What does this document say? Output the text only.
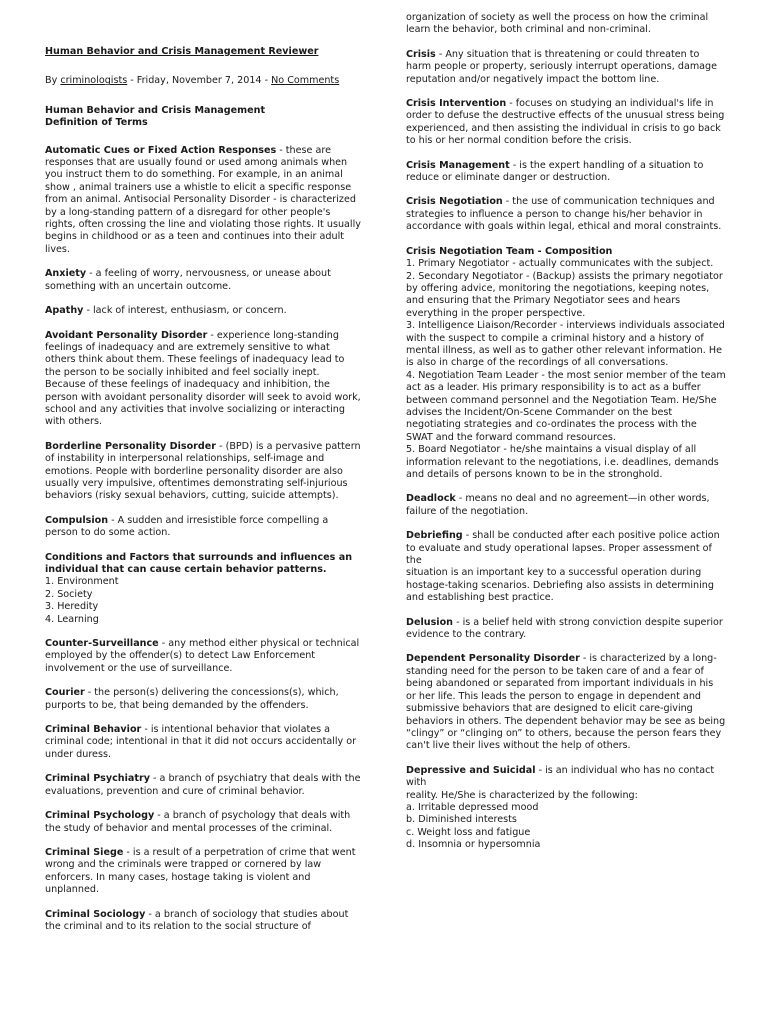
Human Behavior and Crisis Management Reviewer

By criminologists - Friday, November 7, 2014 - No Comments

Human Behavior and Crisis Management

Definition of Terms

Automatic Cues or Fixed Action Responses - these are responses that are usually found or used among animals when you instruct them to do something. For example, in an animal show , animal trainers use a whistle to elicit a specific response from an animal. Antisocial Personality Disorder - is characterized by a long-standing pattern of a disregard for other people's rights, often crossing the line and violating those rights. It usually begins in childhood or as a teen and continues into their adult lives.

Anxiety - a feeling of worry, nervousness, or unease about something with an uncertain outcome.

Apathy - lack of interest, enthusiasm, or concern.

Avoidant Personality Disorder - experience long-standing feelings of inadequacy and are extremely sensitive to what others think about them. These feelings of inadequacy lead to the person to be socially inhibited and feel socially inept. Because of these feelings of inadequacy and inhibition, the person with avoidant personality disorder will seek to avoid work, school and any activities that involve socializing or interacting with others.

Borderline Personality Disorder - (BPD) is a pervasive pattern of instability in interpersonal relationships, self-image and emotions. People with borderline personality disorder are also usually very impulsive, oftentimes demonstrating self-injurious behaviors (risky sexual behaviors, cutting, suicide attempts).

Compulsion - A sudden and irresistible force compelling a person to do some action.

Conditions and Factors that surrounds and influences an individual that can cause certain behavior patterns.
1. Environment
2. Society
3. Heredity
4. Learning

Counter-Surveillance - any method either physical or technical employed by the offender(s) to detect Law Enforcement involvement or the use of surveillance.

Courier - the person(s) delivering the concessions(s), which, purports to be, that being demanded by the offenders.

Criminal Behavior - is intentional behavior that violates a criminal code; intentional in that it did not occurs accidentally or under duress.

Criminal Psychiatry - a branch of psychiatry that deals with the evaluations, prevention and cure of criminal behavior.

Criminal Psychology - a branch of psychology that deals with the study of behavior and mental processes of the criminal.

Criminal Siege - is a result of a perpetration of crime that went wrong and the criminals were trapped or cornered by law enforcers. In many cases, hostage taking is violent and unplanned.

Criminal Sociology - a branch of sociology that studies about the criminal and to its relation to the social structure of

organization of society as well the process on how the criminal learn the behavior, both criminal and non-criminal.

Crisis - Any situation that is threatening or could threaten to harm people or property, seriously interrupt operations, damage reputation and/or negatively impact the bottom line.

Crisis Intervention - focuses on studying an individual's life in order to defuse the destructive effects of the unusual stress being
experienced, and then assisting the individual in crisis to go back to his or her normal condition before the crisis.

Crisis Management - is the expert handling of a situation to reduce or eliminate danger or destruction.

Crisis Negotiation - the use of communication techniques and strategies to influence a person to change his/her behavior in accordance with goals within legal, ethical and moral constraints.

Crisis Negotiation Team - Composition
1. Primary Negotiator - actually communicates with the subject.
2. Secondary Negotiator - (Backup) assists the primary negotiator by offering advice, monitoring the negotiations, keeping notes, and ensuring that the Primary Negotiator sees and hears everything in the proper perspective.
3. Intelligence Liaison/Recorder - interviews individuals associated with the suspect to compile a criminal history and a history of mental illness, as well as to gather other relevant information. He is also in charge of the recordings of all conversations.
4. Negotiation Team Leader - the most senior member of the team act as a leader. His primary responsibility is to act as a buffer between command personnel and the Negotiation Team. He/She advises the Incident/On-Scene Commander on the best negotiating strategies and co-ordinates the process with the SWAT and the forward command resources.
5. Board Negotiator - he/she maintains a visual display of all information relevant to the negotiations, i.e. deadlines, demands and details of persons known to be in the stronghold.

Deadlock - means no deal and no agreement—in other words, failure of the negotiation.

Debriefing - shall be conducted after each positive police action to evaluate and study operational lapses. Proper assessment of the
situation is an important key to a successful operation during hostage-taking scenarios. Debriefing also assists in determining and establishing best practice.

Delusion - is a belief held with strong conviction despite superior evidence to the contrary.

Dependent Personality Disorder - is characterized by a long-standing need for the person to be taken care of and a fear of being abandoned or separated from important individuals in his or her life. This leads the person to engage in dependent and submissive behaviors that are designed to elicit care-giving behaviors in others. The dependent behavior may be see as being “clingy” or “clinging on” to others, because the person fears they can't live their lives without the help of others.

Depressive and Suicidal - is an individual who has no contact with
reality. He/She is characterized by the following:
a. Irritable depressed mood
b. Diminished interests
c. Weight loss and fatigue
d. Insomnia or hypersomnia
